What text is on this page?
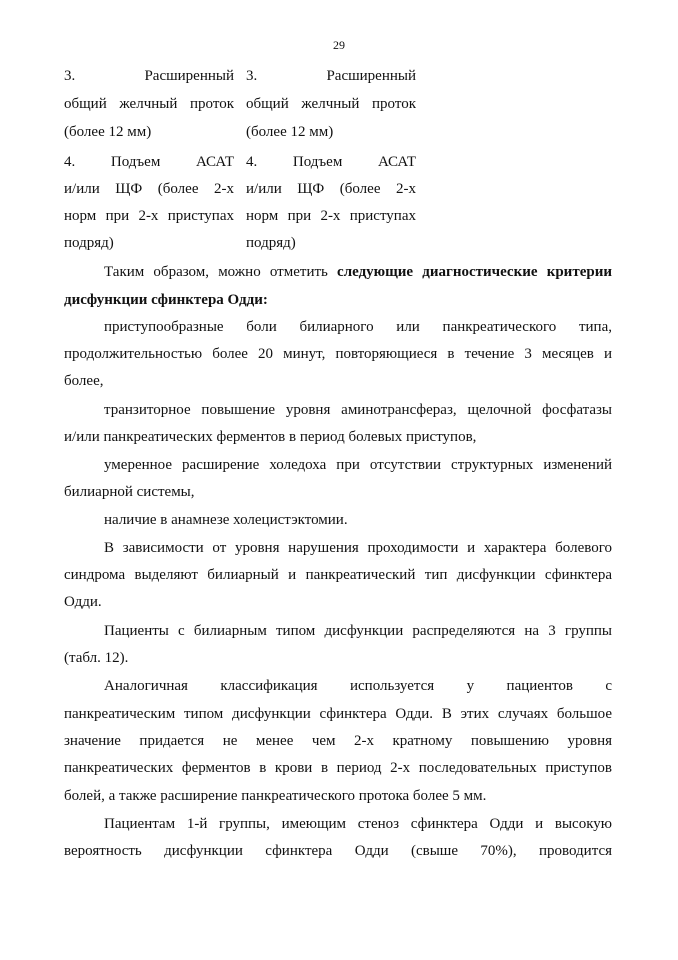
29
3. Расширенный
общий желчный проток
(более 12 мм)
4. Подъем АСАТ
и/или ЩФ (более 2-х
норм при 2-х приступах
подряд)
3. Расширенный
общий желчный проток
(более 12 мм)
4. Подъем АСАТ
и/или ЩФ (более 2-х
норм при 2-х приступах
подряд)
Таким образом, можно отметить следующие диагностические критерии
дисфункции сфинктера Одди:
приступообразные боли билиарного или панкреатического типа,
продолжительностью более 20 минут, повторяющиеся в течение 3 месяцев и
более,
транзиторное повышение уровня аминотрансфераз, щелочной фосфатазы
и/или панкреатических ферментов в период болевых приступов,
умеренное расширение холедоха при отсутствии структурных изменений
билиарной системы,
наличие в анамнезе холецистэктомии.
В зависимости от уровня нарушения проходимости и характера болевого
синдрома выделяют билиарный и панкреатический тип дисфункции сфинктера
Одди.
Пациенты с билиарным типом дисфункции распределяются на 3 группы
(табл. 12).
Аналогичная классификация используется у пациентов с
панкреатическим типом дисфункции сфинктера Одди. В этих случаях большое
значение придается не менее чем 2-х кратному повышению уровня
панкреатических ферментов в крови в период 2-х последовательных приступов
болей, а также расширение панкреатического протока более 5 мм.
Пациентам 1-й группы, имеющим стеноз сфинктера Одди и высокую
вероятность дисфункции сфинктера Одди (свыше 70%), проводится
